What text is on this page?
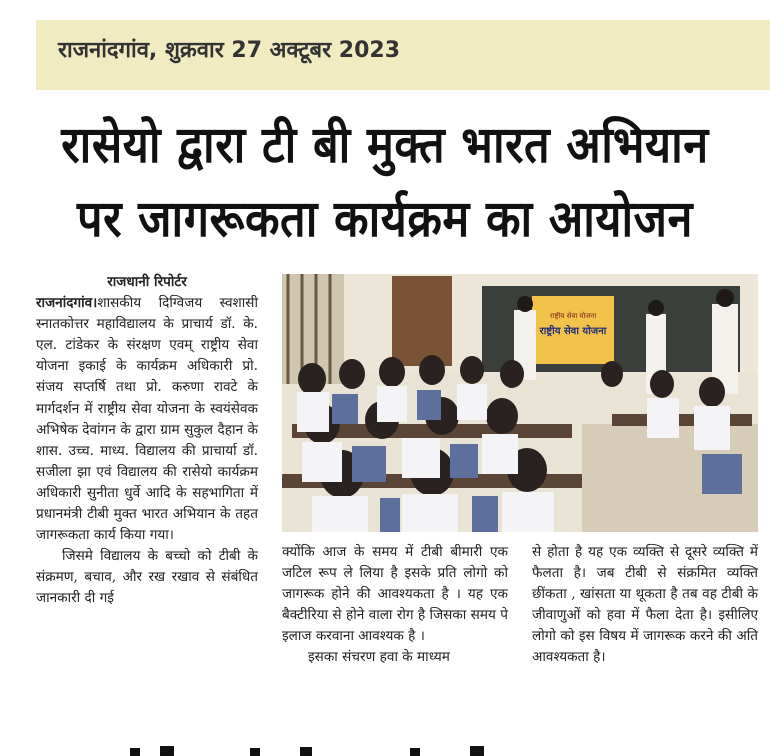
राजनांदगांव, शुक्रवार 27 अक्टूबर 2023
रासेयो द्वारा टी बी मुक्त भारत अभियान
पर जागरूकता कार्यक्रम का आयोजन

राजधानी रिपोर्टर

राजनांदगांव।शासकीय दिग्विजय स्वशासी स्नातकोत्तर महाविद्यालय के प्राचार्य डॉ. के. एल. टांडेकर के संरक्षण एवम् राष्ट्रीय सेवा योजना इकाई के कार्यक्रम अधिकारी प्रो. संजय सप्तर्षि तथा प्रो. करुणा रावटे के मार्गदर्शन में राष्ट्रीय सेवा योजना के स्वयंसेवक अभिषेक देवांगन के द्वारा ग्राम सुकुल दैहान के शास. उच्च. माध्य. विद्यालय की प्राचार्या डॉ. सजीला झा एवं विद्यालय की रासेयो कार्यक्रम अधिकारी सुनीता धुर्वे आदि के सहभागिता में प्रधानमंत्री टीबी मुक्त भारत अभियान के तहत जागरूकता कार्य किया गया।

जिसमे विद्यालय के बच्चो को टीबी के संक्रमण, बचाव, और रख रखाव से संबंधित जानकारी दी गई

राष्ट्रीय सेवा योजना
राष्ट्रीय सेवा योजना

क्योंकि आज के समय में टीबी बीमारी एक जटिल रूप ले लिया है इसके प्रति लोगो को जागरूक होने की आवश्यकता है । यह एक बैक्टीरिया से होने वाला रोग है जिसका समय पे इलाज करवाना आवश्यक है ।

इसका संचरण हवा के माध्यम

से होता है यह एक व्यक्ति से दूसरे व्यक्ति में फैलता है। जब टीबी से संक्रमित व्यक्ति छींकता , खांसता या थूकता है तब वह टीबी के जीवाणुओं को हवा में फैला देता है। इसीलिए लोगो को इस विषय में जागरूक करने की अति आवश्यकता है।
